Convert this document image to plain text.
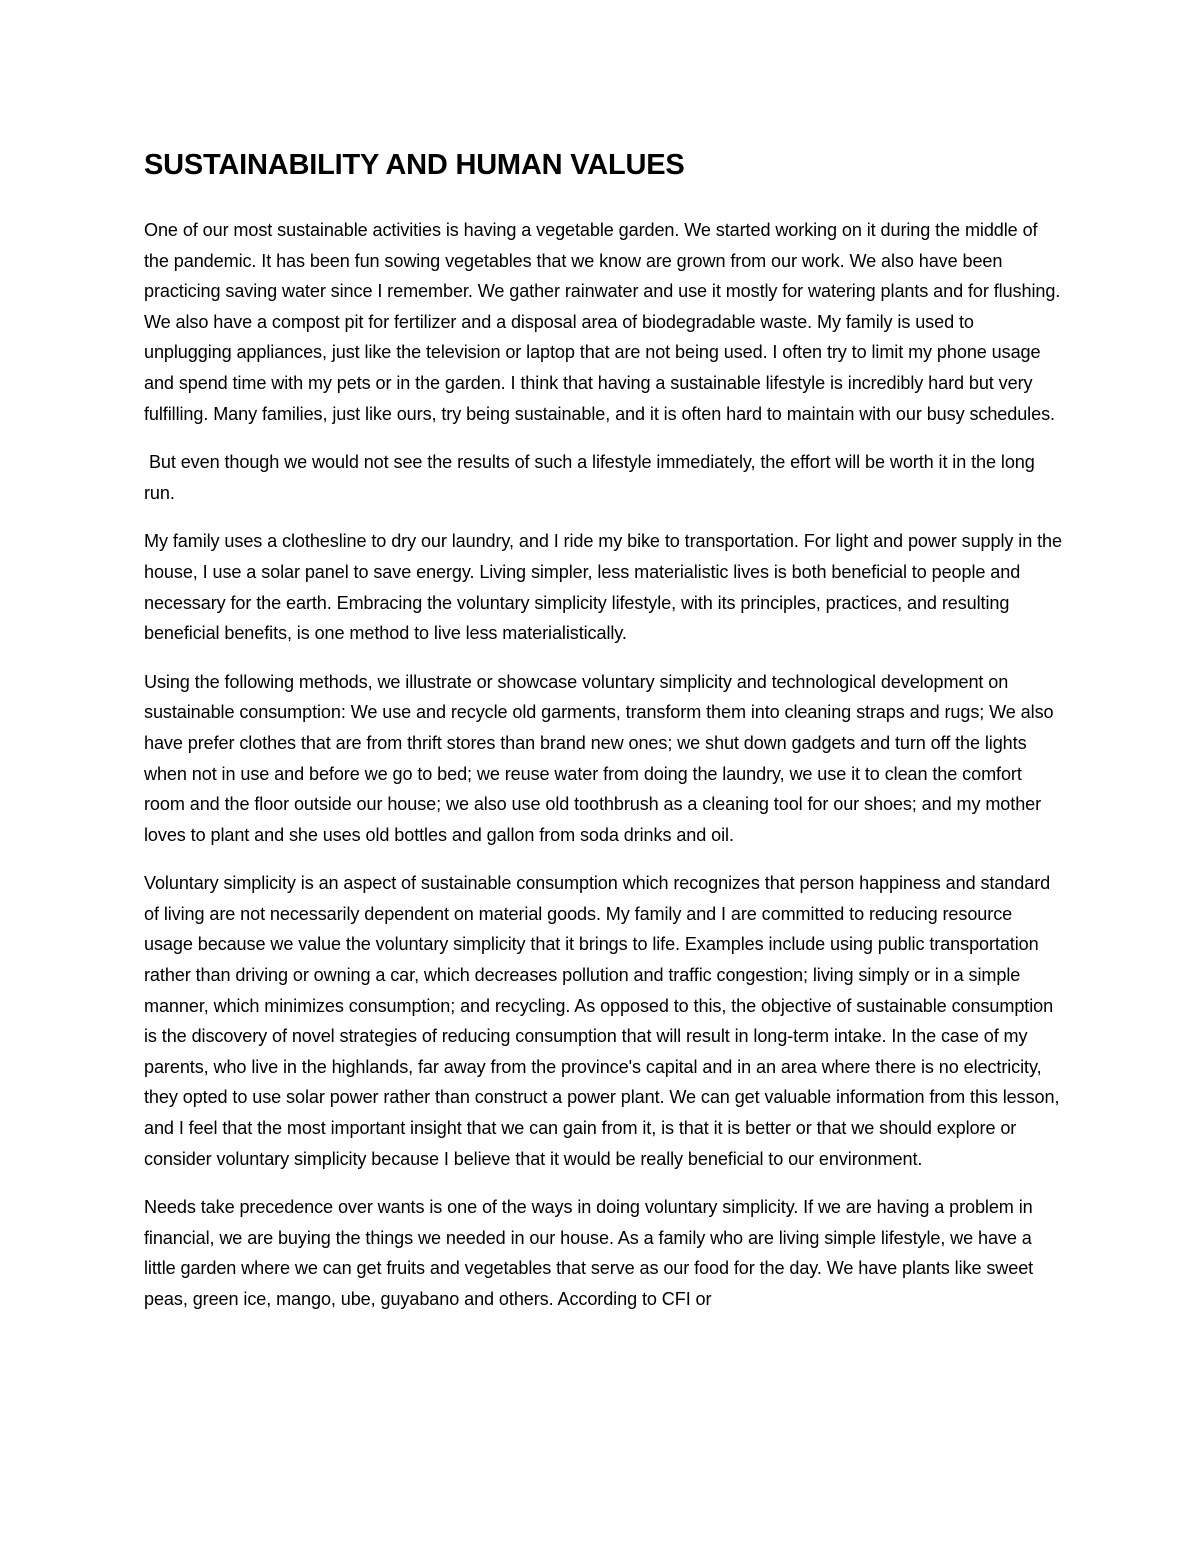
SUSTAINABILITY AND HUMAN VALUES

One of our most sustainable activities is having a vegetable garden. We started working on it during the middle of the pandemic. It has been fun sowing vegetables that we know are grown from our work. We also have been practicing saving water since I remember. We gather rainwater and use it mostly for watering plants and for flushing. We also have a compost pit for fertilizer and a disposal area of biodegradable waste. My family is used to unplugging appliances, just like the television or laptop that are not being used. I often try to limit my phone usage and spend time with my pets or in the garden. I think that having a sustainable lifestyle is incredibly hard but very fulfilling. Many families, just like ours, try being sustainable, and it is often hard to maintain with our busy schedules.

But even though we would not see the results of such a lifestyle immediately, the effort will be worth it in the long run.

My family uses a clothesline to dry our laundry, and I ride my bike to transportation. For light and power supply in the house, I use a solar panel to save energy. Living simpler, less materialistic lives is both beneficial to people and necessary for the earth. Embracing the voluntary simplicity lifestyle, with its principles, practices, and resulting beneficial benefits, is one method to live less materialistically.

Using the following methods, we illustrate or showcase voluntary simplicity and technological development on sustainable consumption: We use and recycle old garments, transform them into cleaning straps and rugs; We also have prefer clothes that are from thrift stores than brand new ones; we shut down gadgets and turn off the lights when not in use and before we go to bed; we reuse water from doing the laundry, we use it to clean the comfort room and the floor outside our house; we also use old toothbrush as a cleaning tool for our shoes; and my mother loves to plant and she uses old bottles and gallon from soda drinks and oil.

Voluntary simplicity is an aspect of sustainable consumption which recognizes that person happiness and standard of living are not necessarily dependent on material goods. My family and I are committed to reducing resource usage because we value the voluntary simplicity that it brings to life. Examples include using public transportation rather than driving or owning a car, which decreases pollution and traffic congestion; living simply or in a simple manner, which minimizes consumption; and recycling. As opposed to this, the objective of sustainable consumption is the discovery of novel strategies of reducing consumption that will result in long-term intake. In the case of my parents, who live in the highlands, far away from the province's capital and in an area where there is no electricity, they opted to use solar power rather than construct a power plant. We can get valuable information from this lesson, and I feel that the most important insight that we can gain from it, is that it is better or that we should explore or consider voluntary simplicity because I believe that it would be really beneficial to our environment.

Needs take precedence over wants is one of the ways in doing voluntary simplicity. If we are having a problem in financial, we are buying the things we needed in our house. As a family who are living simple lifestyle, we have a little garden where we can get fruits and vegetables that serve as our food for the day. We have plants like sweet peas, green ice, mango, ube, guyabano and others. According to CFI or
